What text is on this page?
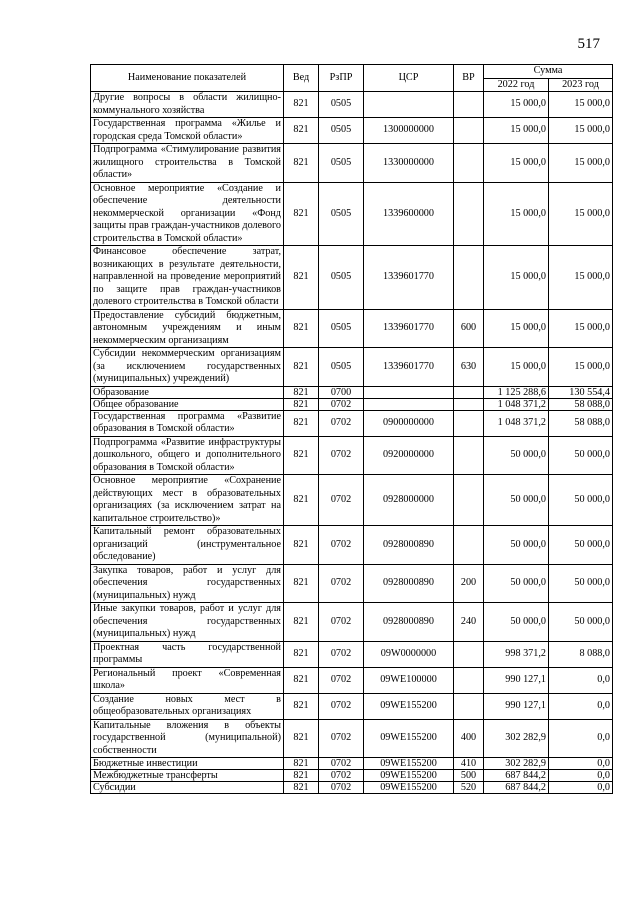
517
Наименование показателей	Вед	РзПР	ЦСР	ВР	Сумма	
					2022 год	2023 год
Другие вопросы в области жилищно-коммунального хозяйства	821	0505			15 000,0	15 000,0
Государственная программа «Жилье и городская среда Томской области»	821	0505	1300000000		15 000,0	15 000,0
Подпрограмма «Стимулирование развития жилищного строительства в Томской области»	821	0505	1330000000		15 000,0	15 000,0
Основное мероприятие «Создание и обеспечение деятельности некоммерческой организации «Фонд защиты прав граждан-участников долевого строительства в Томской области»	821	0505	1339600000		15 000,0	15 000,0
Финансовое обеспечение затрат, возникающих в результате деятельности, направленной на проведение мероприятий по защите прав граждан-участников долевого строительства в Томской области	821	0505	1339601770		15 000,0	15 000,0
Предоставление субсидий бюджетным, автономным учреждениям и иным некоммерческим организациям	821	0505	1339601770	600	15 000,0	15 000,0
Субсидии некоммерческим организациям (за исключением государственных (муниципальных) учреждений)	821	0505	1339601770	630	15 000,0	15 000,0
Образование	821	0700			1 125 288,6	130 554,4
Общее образование	821	0702			1 048 371,2	58 088,0
Государственная программа «Развитие образования в Томской области»	821	0702	0900000000		1 048 371,2	58 088,0
Подпрограмма «Развитие инфраструктуры дошкольного, общего и дополнительного образования в Томской области»	821	0702	0920000000		50 000,0	50 000,0
Основное мероприятие «Сохранение действующих мест в образовательных организациях (за исключением затрат на капитальное строительство)»	821	0702	0928000000		50 000,0	50 000,0
Капитальный ремонт образовательных организаций (инструментальное обследование)	821	0702	0928000890		50 000,0	50 000,0
Закупка товаров, работ и услуг для обеспечения государственных (муниципальных) нужд	821	0702	0928000890	200	50 000,0	50 000,0
Иные закупки товаров, работ и услуг для обеспечения государственных (муниципальных) нужд	821	0702	0928000890	240	50 000,0	50 000,0
Проектная часть государственной программы	821	0702	09W0000000		998 371,2	8 088,0
Региональный проект «Современная школа»	821	0702	09WE100000		990 127,1	0,0
Создание новых мест в общеобразовательных организациях	821	0702	09WE155200		990 127,1	0,0
Капитальные вложения в объекты государственной (муниципальной) собственности	821	0702	09WE155200	400	302 282,9	0,0
Бюджетные инвестиции	821	0702	09WE155200	410	302 282,9	0,0
Межбюджетные трансферты	821	0702	09WE155200	500	687 844,2	0,0
Субсидии	821	0702	09WE155200	520	687 844,2	0,0
